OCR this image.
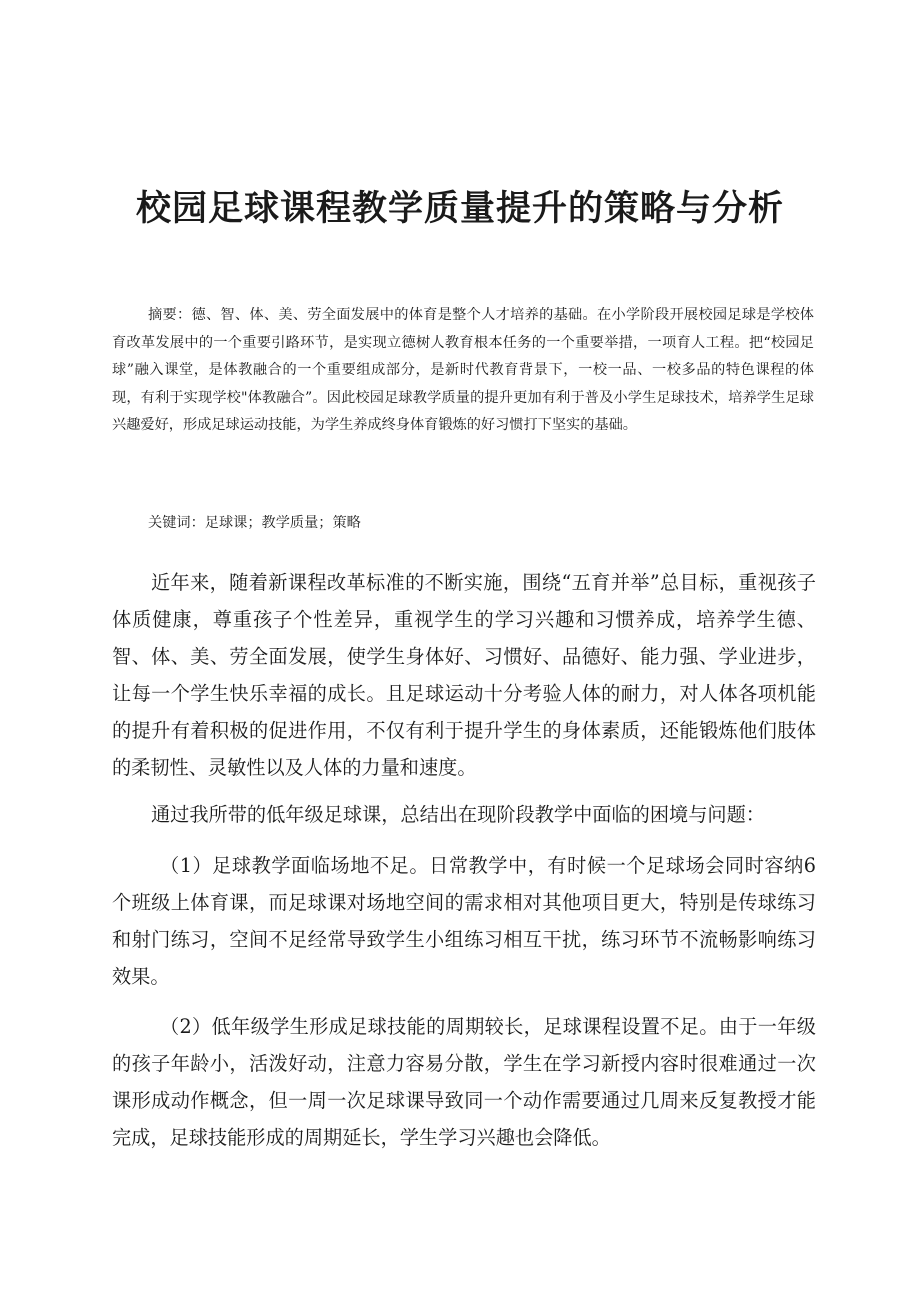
校园足球课程教学质量提升的策略与分析

摘要：德、智、体、美、劳全面发展中的体育是整个人才培养的基础。在小学阶段开展校园足球是学校体育改革发展中的一个重要引路环节，是实现立德树人教育根本任务的一个重要举措，一项育人工程。把“校园足球”融入课堂，是体教融合的一个重要组成部分，是新时代教育背景下，一校一品、一校多品的特色课程的体现，有利于实现学校"体教融合”。因此校园足球教学质量的提升更加有利于普及小学生足球技术，培养学生足球兴趣爱好，形成足球运动技能，为学生养成终身体育锻炼的好习惯打下坚实的基础。

关键词：足球课；教学质量；策略

近年来，随着新课程改革标准的不断实施，围绕“五育并举”总目标，重视孩子体质健康，尊重孩子个性差异，重视学生的学习兴趣和习惯养成，培养学生德、智、体、美、劳全面发展，使学生身体好、习惯好、品德好、能力强、学业进步，让每一个学生快乐幸福的成长。且足球运动十分考验人体的耐力，对人体各项机能的提升有着积极的促进作用，不仅有利于提升学生的身体素质，还能锻炼他们肢体的柔韧性、灵敏性以及人体的力量和速度。

通过我所带的低年级足球课，总结出在现阶段教学中面临的困境与问题：

（1）足球教学面临场地不足。日常教学中，有时候一个足球场会同时容纳6个班级上体育课，而足球课对场地空间的需求相对其他项目更大，特别是传球练习和射门练习，空间不足经常导致学生小组练习相互干扰，练习环节不流畅影响练习效果。

（2）低年级学生形成足球技能的周期较长，足球课程设置不足。由于一年级的孩子年龄小，活泼好动，注意力容易分散，学生在学习新授内容时很难通过一次课形成动作概念，但一周一次足球课导致同一个动作需要通过几周来反复教授才能完成，足球技能形成的周期延长，学生学习兴趣也会降低。
